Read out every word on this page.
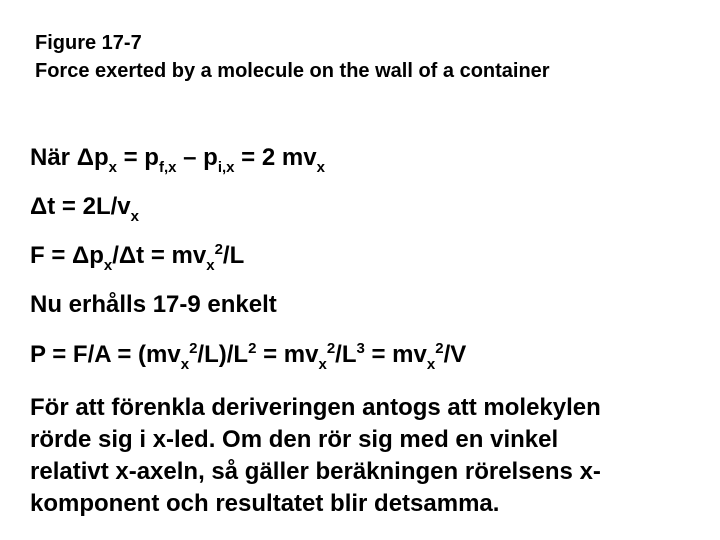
Figure 17-7
Force exerted by a molecule on the wall of a container
När $\Delta p_x = p_{f,x} - p_{i,x} = 2$ $mv_x$
$\Delta t = 2L/v_x$
$F = \Delta p_x/\Delta t = mv_x^2/L$
Nu erhålls 17-9 enkelt
$P = F/A = (mv_x^2/L)/L^2 = mv_x^2/L^3 = mv_x^2/V$
För att förenkla deriveringen antogs att molekylen
rörde sig i x-led. Om den rör sig med en vinkel
relativt x-axeln, så gäller beräkningen rörelsens x-
komponent och resultatet blir detsamma.
